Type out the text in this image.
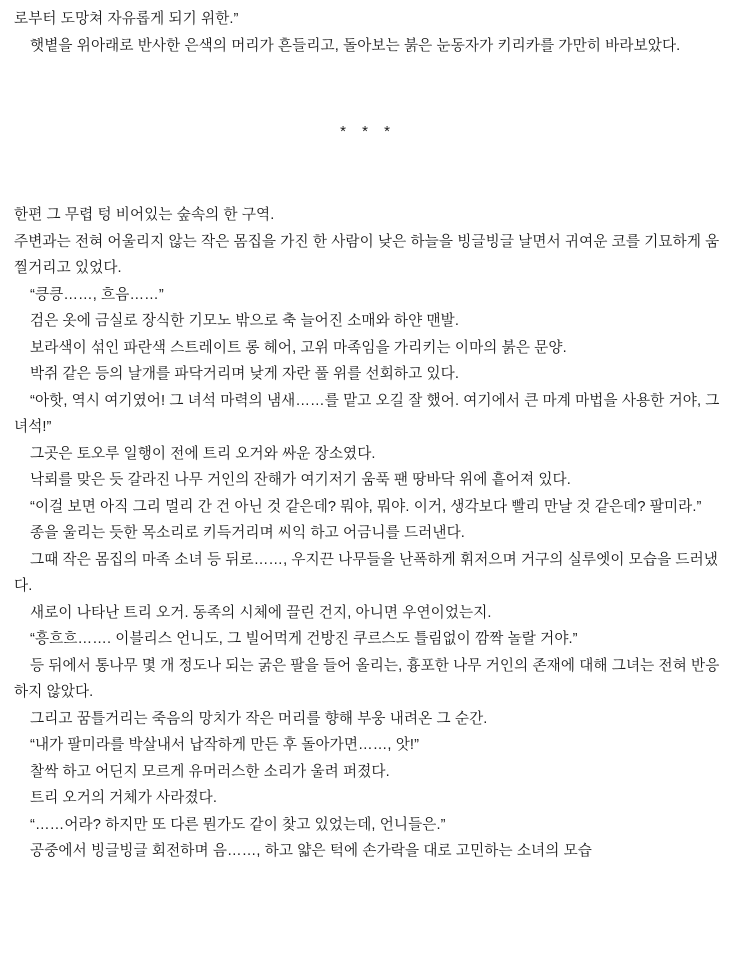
로부터 도망쳐 자유롭게 되기 위한.”

햇볕을 위아래로 반사한 은색의 머리가 흔들리고, 돌아보는 붉은 눈동자가 키리카를 가만히 바라보았다.

* * *

한편 그 무렵 텅 비어있는 숲속의 한 구역.

주변과는 전혀 어울리지 않는 작은 몸집을 가진 한 사람이 낮은 하늘을 빙글빙글 날면서 귀여운 코를 기묘하게 움찔거리고 있었다.

“킁킁……, 흐음……”

검은 옷에 금실로 장식한 기모노 밖으로 축 늘어진 소매와 하얀 맨발.

보라색이 섞인 파란색 스트레이트 롱 헤어, 고위 마족임을 가리키는 이마의 붉은 문양.

박쥐 같은 등의 날개를 파닥거리며 낮게 자란 풀 위를 선회하고 있다.

“아핫, 역시 여기였어! 그 녀석 마력의 냄새……를 맡고 오길 잘 했어. 여기에서 큰 마계 마법을 사용한 거야, 그 녀석!”

그곳은 토오루 일행이 전에 트리 오거와 싸운 장소였다.

낙뢰를 맞은 듯 갈라진 나무 거인의 잔해가 여기저기 움푹 팬 땅바닥 위에 흩어져 있다.

“이걸 보면 아직 그리 멀리 간 건 아닌 것 같은데? 뭐야, 뭐야. 이거, 생각보다 빨리 만날 것 같은데? 팔미라.”

종을 울리는 듯한 목소리로 키득거리며 씨익 하고 어금니를 드러낸다.

그때 작은 몸집의 마족 소녀 등 뒤로……, 우지끈 나무들을 난폭하게 휘저으며 거구의 실루엣이 모습을 드러냈다.

새로이 나타난 트리 오거. 동족의 시체에 끌린 건지, 아니면 우연이었는지.

“흥흐흐……. 이블리스 언니도, 그 빌어먹게 건방진 쿠르스도 틀림없이 깜짝 놀랄 거야.”

등 뒤에서 통나무 몇 개 정도나 되는 굵은 팔을 들어 올리는, 흉포한 나무 거인의 존재에 대해 그녀는 전혀 반응하지 않았다.

그리고 꿈틀거리는 죽음의 망치가 작은 머리를 향해 부웅 내려온 그 순간.

“내가 팔미라를 박살내서 납작하게 만든 후 돌아가면……, 앗!”

찰싹 하고 어딘지 모르게 유머러스한 소리가 울려 퍼졌다.

트리 오거의 거체가 사라졌다.

“……어라? 하지만 또 다른 뭔가도 같이 찾고 있었는데, 언니들은.”

공중에서 빙글빙글 회전하며 음……, 하고 얇은 턱에 손가락을 대로 고민하는 소녀의 모습
